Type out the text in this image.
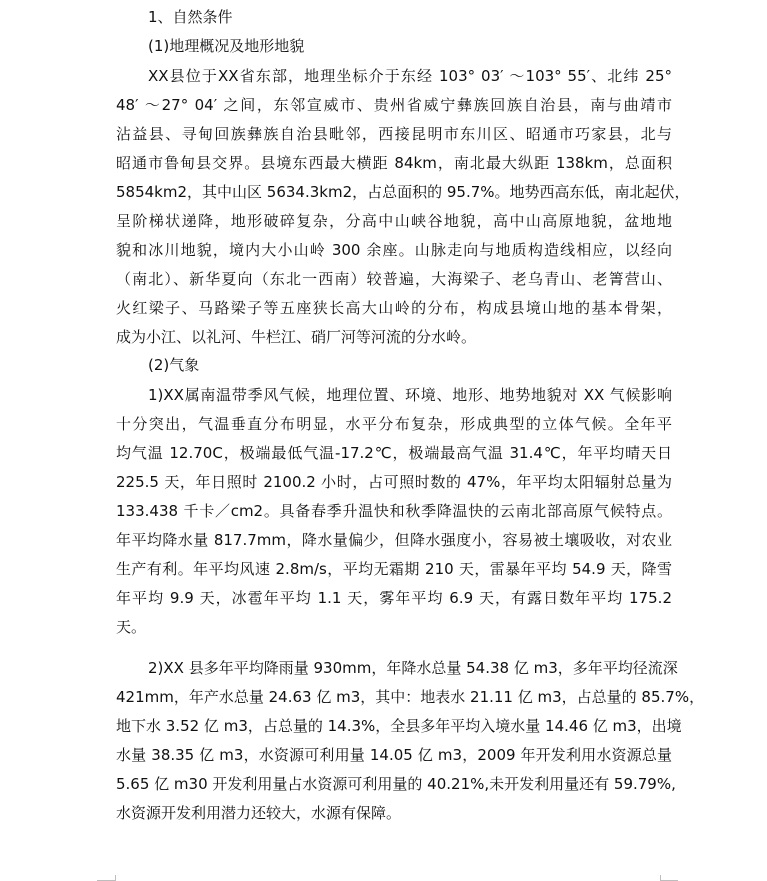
1、自然条件
(1)地理概况及地形地貌
XX县位于XX省东部，地理坐标介于东经 103° 03′ ～103° 55′、北纬 25°
48′ ～27° 04′ 之间，东邻宣威市、贵州省威宁彝族回族自治县，南与曲靖市
沾益县、寻甸回族彝族自治县毗邻，西接昆明市东川区、昭通市巧家县，北与
昭通市鲁甸县交界。县境东西最大横距 84km，南北最大纵距 138km，总面积
5854km2，其中山区 5634.3km2，占总面积的 95.7%。地势西高东低，南北起伏，
呈阶梯状递降，地形破碎复杂，分高中山峡谷地貌，高中山高原地貌，盆地地
貌和冰川地貌，境内大小山岭 300 余座。山脉走向与地质构造线相应，以经向
（南北）、新华夏向（东北一西南）较普遍，大海梁子、老乌青山、老箐营山、
火红梁子、马路梁子等五座狭长高大山岭的分布，构成县境山地的基本骨架，
成为小江、以礼河、牛栏江、硝厂河等河流的分水岭。
(2)气象
1)XX属南温带季风气候，地理位置、环境、地形、地势地貌对 XX 气候影响
十分突出，气温垂直分布明显，水平分布复杂，形成典型的立体气候。全年平
均气温 12.70C，极端最低气温-17.2℃，极端最高气温 31.4℃，年平均晴天日
225.5 天，年日照时 2100.2 小时，占可照时数的 47%，年平均太阳辐射总量为
133.438 千卡／cm2。具备春季升温快和秋季降温快的云南北部高原气候特点。
年平均降水量 817.7mm，降水量偏少，但降水强度小，容易被土壤吸收，对农业
生产有利。年平均风速 2.8m/s，平均无霜期 210 天，雷暴年平均 54.9 天，降雪
年平均 9.9 天，冰雹年平均 1.1 天，雾年平均 6.9 天，有露日数年平均 175.2
天。
2)XX 县多年平均降雨量 930mm，年降水总量 54.38 亿 m3，多年平均径流深
421mm，年产水总量 24.63 亿 m3，其中：地表水 21.11 亿 m3，占总量的 85.7%，
地下水 3.52 亿 m3，占总量的 14.3%，全县多年平均入境水量 14.46 亿 m3，出境
水量 38.35 亿 m3，水资源可利用量 14.05 亿 m3，2009 年开发利用水资源总量
5.65 亿 m30 开发利用量占水资源可利用量的 40.21%,未开发利用量还有 59.79%,
水资源开发利用潜力还较大，水源有保障。
